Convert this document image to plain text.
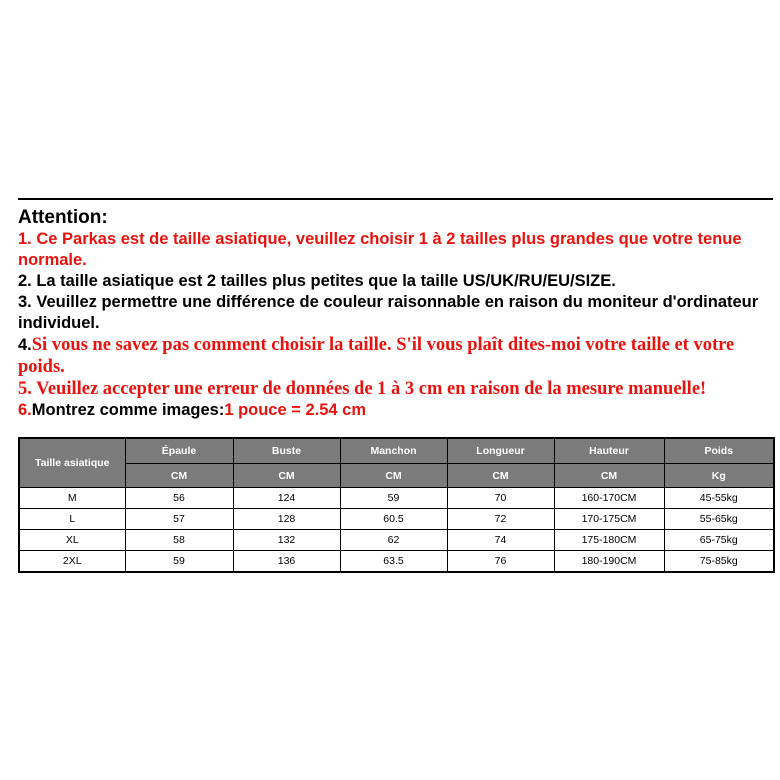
Attention:

1. Ce Parkas est de taille asiatique, veuillez choisir 1 à 2 tailles plus grandes que votre tenue normale.

2. La taille asiatique est 2 tailles plus petites que la taille US/UK/RU/EU/SIZE.

3. Veuillez permettre une différence de couleur raisonnable en raison du moniteur d'ordinateur individuel.

4.Si vous ne savez pas comment choisir la taille. S'il vous plaît dites-moi votre taille et votre poids.

5. Veuillez accepter une erreur de données de 1 à 3 cm en raison de la mesure manuelle!

6.Montrez comme images:1 pouce = 2.54 cm

Taille asiatique	Épaule	Buste	Manchon	Longueur	Hauteur	Poids
	CM	CM	CM	CM	CM	Kg
M	56	124	59	70	160-170CM	45-55kg
L	57	128	60.5	72	170-175CM	55-65kg
XL	58	132	62	74	175-180CM	65-75kg
2XL	59	136	63.5	76	180-190CM	75-85kg
